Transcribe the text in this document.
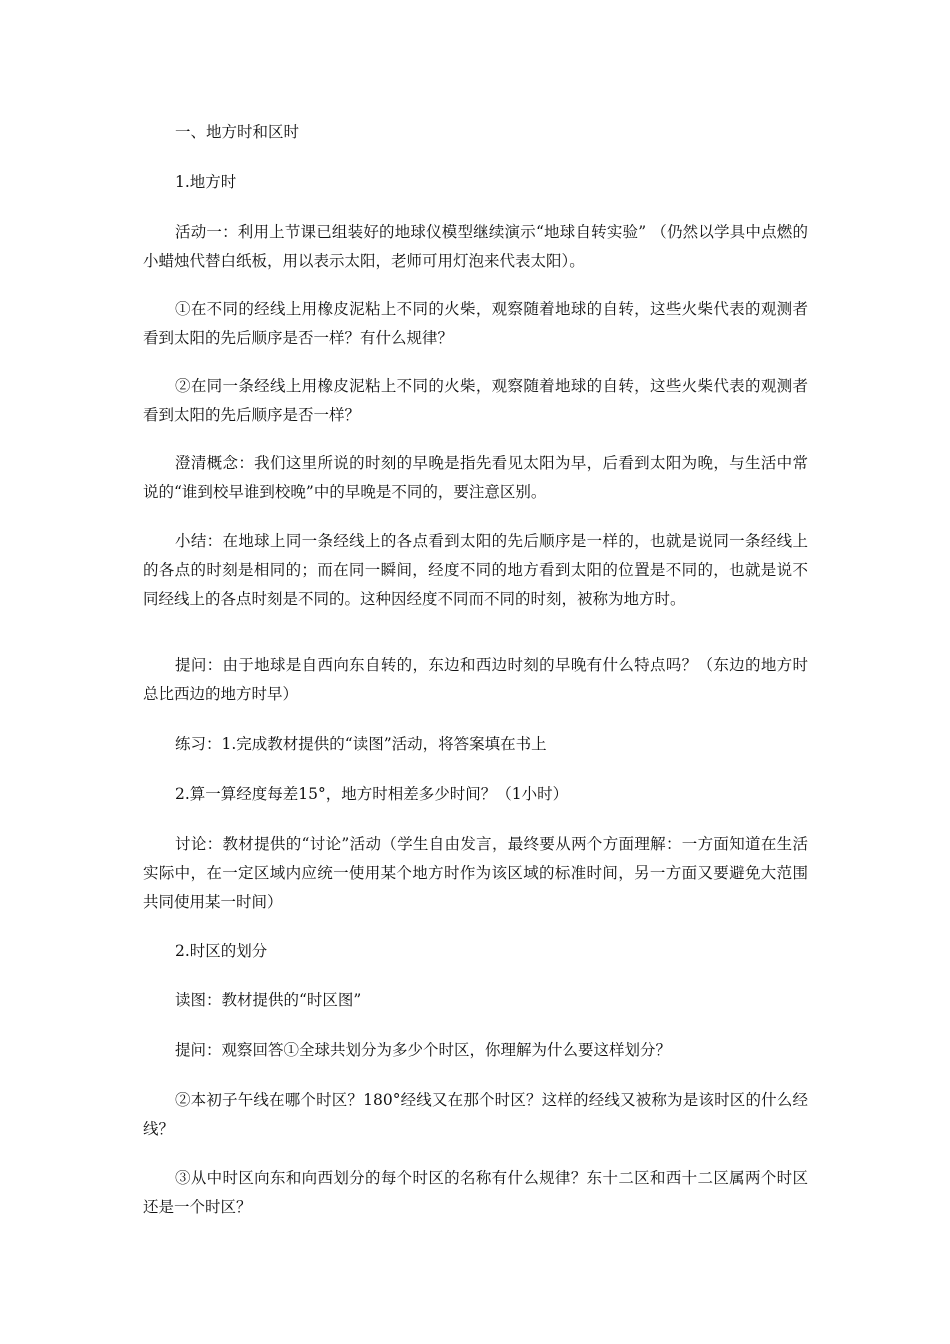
一、地方时和区时

1.地方时

活动一：利用上节课已组装好的地球仪模型继续演示“地球自转实验” （仍然以学具中点燃的小蜡烛代替白纸板，用以表示太阳，老师可用灯泡来代表太阳）。

①在不同的经线上用橡皮泥粘上不同的火柴，观察随着地球的自转，这些火柴代表的观测者看到太阳的先后顺序是否一样？有什么规律？

②在同一条经线上用橡皮泥粘上不同的火柴，观察随着地球的自转，这些火柴代表的观测者看到太阳的先后顺序是否一样？

澄清概念：我们这里所说的时刻的早晚是指先看见太阳为早，后看到太阳为晚，与生活中常说的“谁到校早谁到校晚”中的早晚是不同的，要注意区别。

小结：在地球上同一条经线上的各点看到太阳的先后顺序是一样的，也就是说同一条经线上的各点的时刻是相同的；而在同一瞬间，经度不同的地方看到太阳的位置是不同的，也就是说不同经线上的各点时刻是不同的。这种因经度不同而不同的时刻，被称为地方时。

提问：由于地球是自西向东自转的，东边和西边时刻的早晚有什么特点吗？（东边的地方时总比西边的地方时早）

练习：1.完成教材提供的“读图”活动，将答案填在书上

2.算一算经度每差15°，地方时相差多少时间？（1小时）

讨论：教材提供的“讨论”活动（学生自由发言，最终要从两个方面理解：一方面知道在生活实际中，在一定区域内应统一使用某个地方时作为该区域的标准时间，另一方面又要避免大范围共同使用某一时间）

2.时区的划分

读图：教材提供的“时区图”

提问：观察回答①全球共划分为多少个时区，你理解为什么要这样划分？

②本初子午线在哪个时区？180°经线又在那个时区？这样的经线又被称为是该时区的什么经线？

③从中时区向东和向西划分的每个时区的名称有什么规律？东十二区和西十二区属两个时区还是一个时区？
